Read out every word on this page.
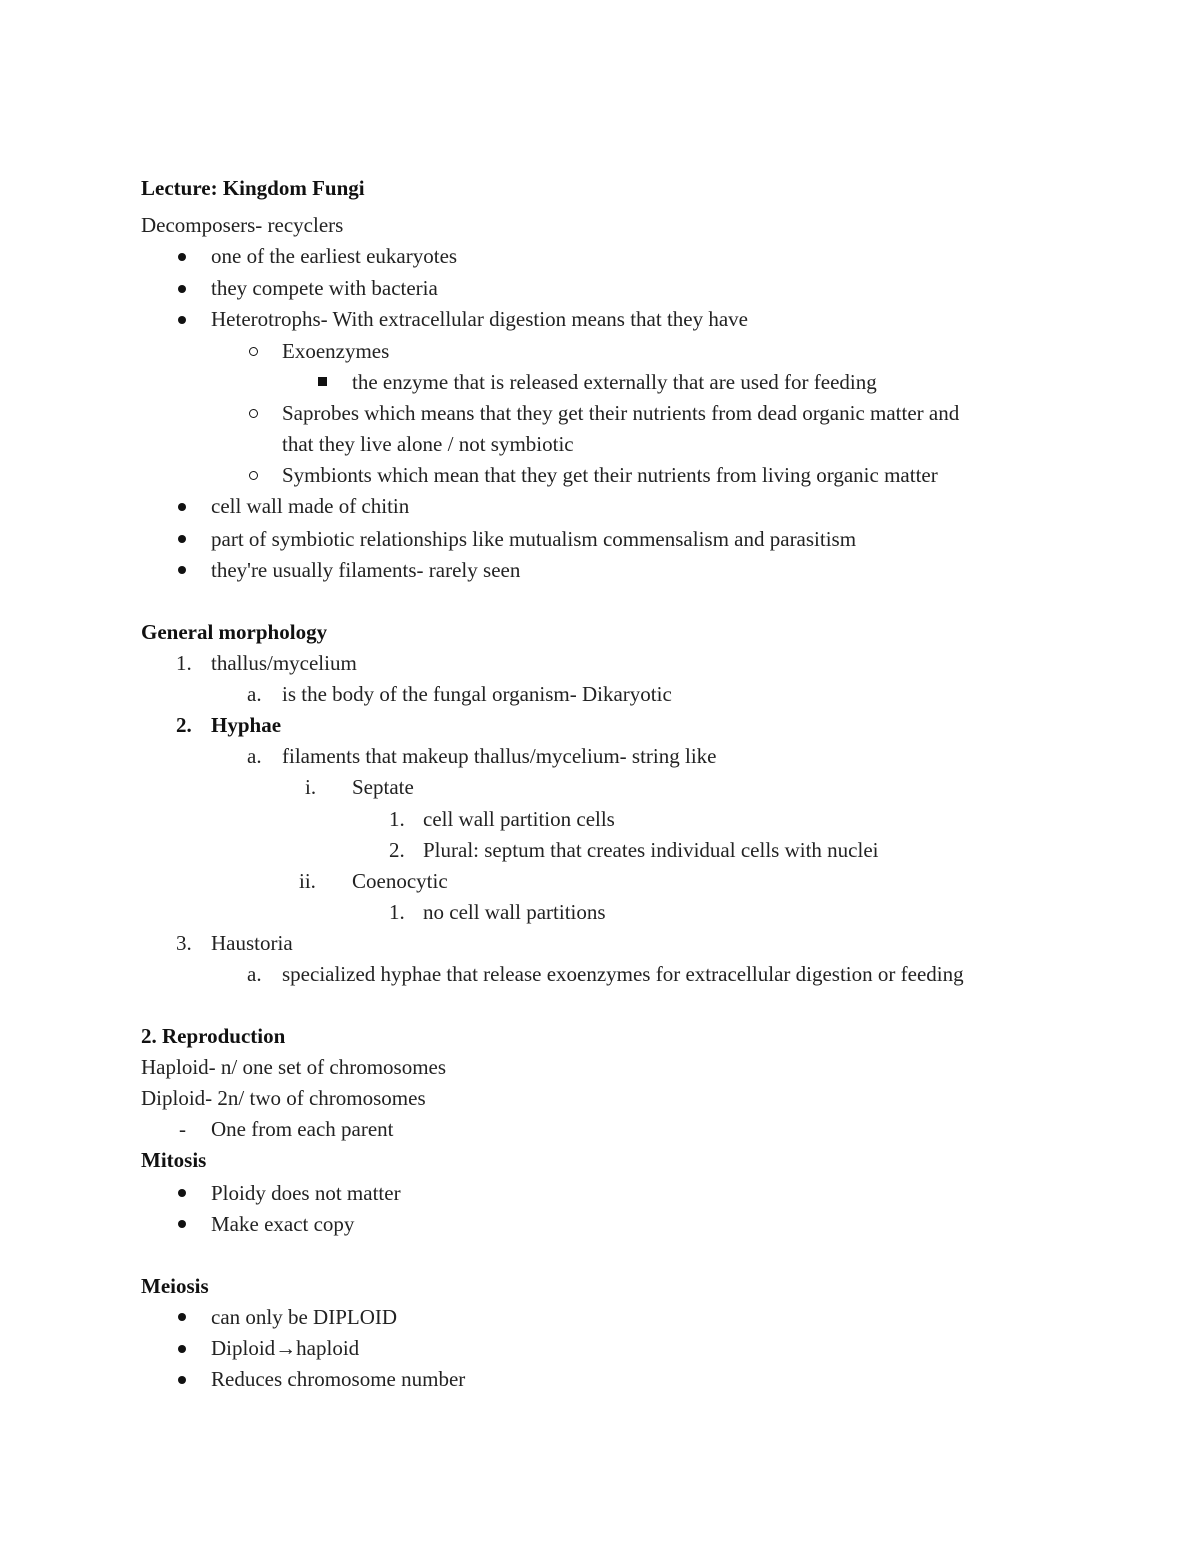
Lecture: Kingdom Fungi
Decomposers- recyclers
one of the earliest eukaryotes
they compete with bacteria
Heterotrophs- With extracellular digestion means that they have
Exoenzymes
the enzyme that is released externally that are used for feeding
Saprobes which means that they get their nutrients from dead organic matter and
that they live alone / not symbiotic
Symbionts which mean that they get their nutrients from living organic matter
cell wall made of chitin
part of symbiotic relationships like mutualism commensalism and parasitism
they're usually filaments- rarely seen
General morphology
1. thallus/mycelium
a. is the body of the fungal organism- Dikaryotic
2. Hyphae
a. filaments that makeup thallus/mycelium- string like
i. Septate
1. cell wall partition cells
2. Plural: septum that creates individual cells with nuclei
ii. Coenocytic
1. no cell wall partitions
3. Haustoria
a. specialized hyphae that release exoenzymes for extracellular digestion or feeding
2. Reproduction
Haploid- n/ one set of chromosomes
Diploid- 2n/ two of chromosomes
- One from each parent
Mitosis
Ploidy does not matter
Make exact copy
Meiosis
can only be DIPLOID
Diploid→haploid
Reduces chromosome number
